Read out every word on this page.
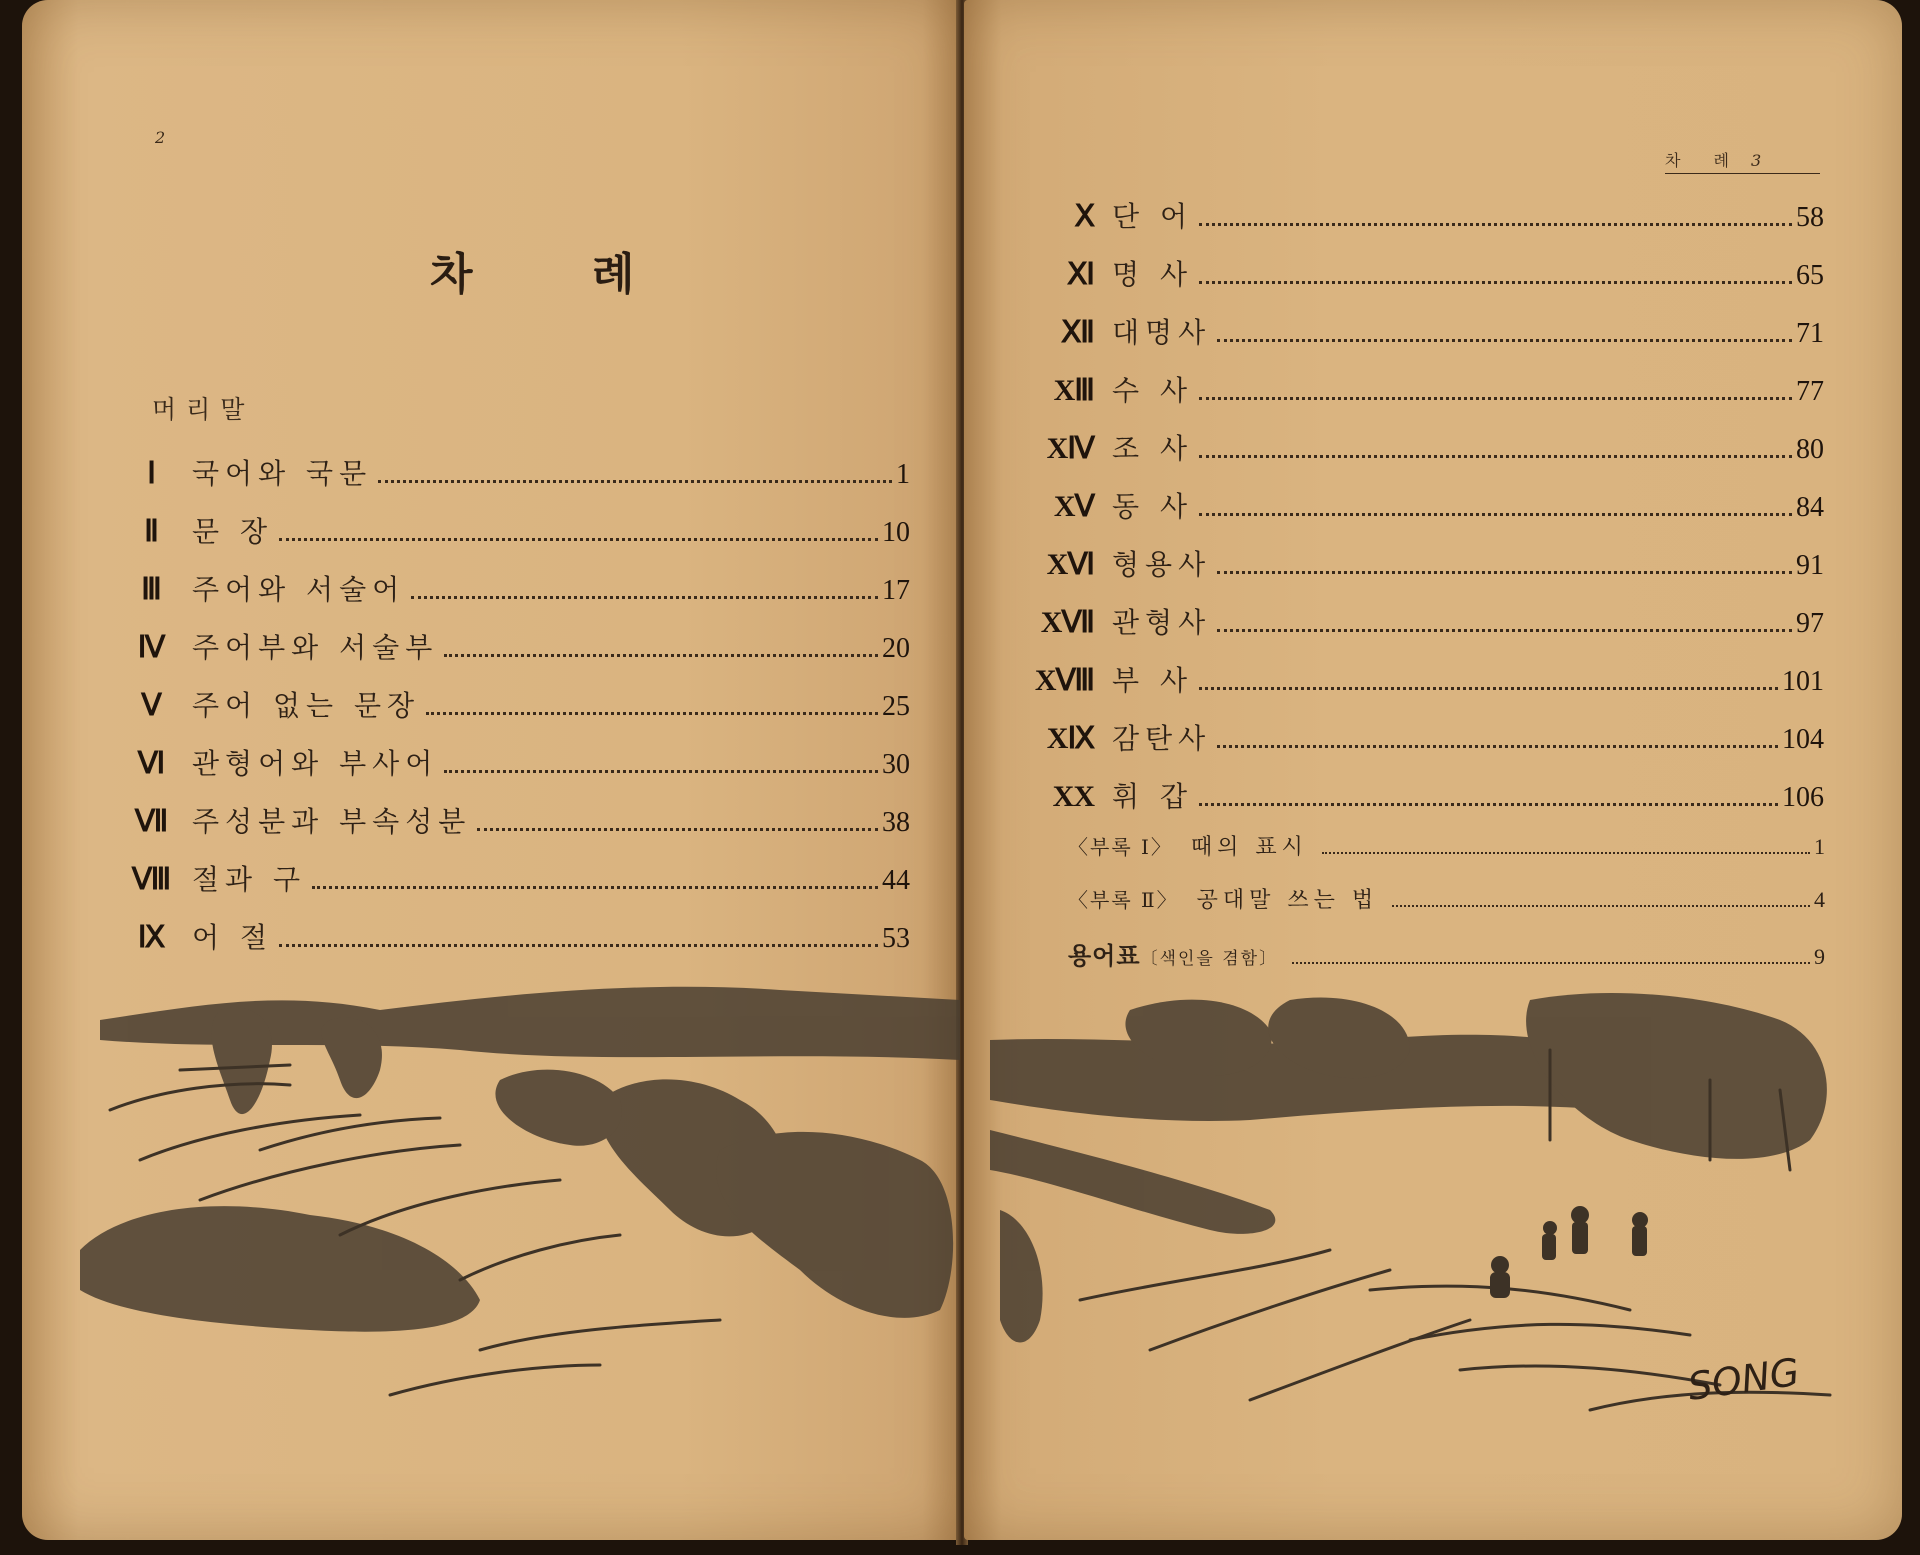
2
차 례
머리말
Ⅰ	국어와 국문	1
Ⅱ	문 장	10
Ⅲ	주어와 서술어	17
Ⅳ 주어부와 서술부	20
Ⅴ	주어 없는 문장	25
Ⅵ 관형어와 부사어	30
Ⅶ 주성분과 부속성분	38
Ⅷ 절과 구	44
Ⅸ 어 절	53
차 례 3
Ⅹ 단 어	58
Ⅺ 명 사	65
Ⅻ 대명사	71
XⅢ 수 사	77
XⅣ 조 사	80
XⅤ 동 사	84
XⅥ 형용사	91
XⅦ 관형사	97
XⅧ 부 사	101
XⅨ 감탄사	104
XX 휘 갑	106
〈부록 Ⅰ〉 때의 표시	1
〈부록 Ⅱ〉 공대말 쓰는 법	4
용어표〔색인을 겸함〕	9
SONG
